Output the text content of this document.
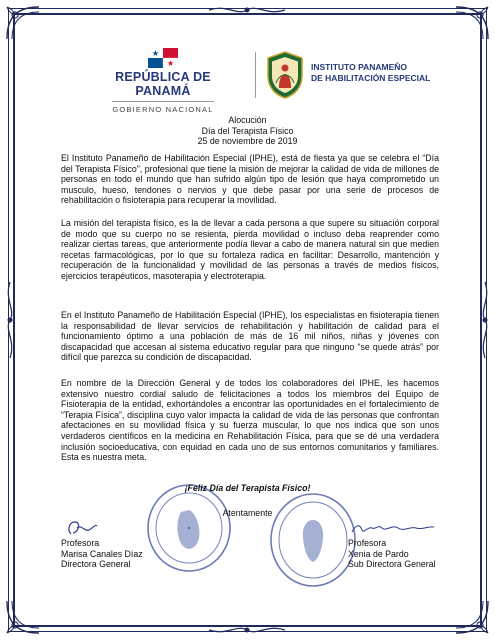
REPÚBLICA DE PANAMÁ
GOBIERNO NACIONAL
INSTITUTO PANAMEÑO
DE HABILITACIÓN ESPECIAL
Alocución
Día del Terapista Físico
25 de noviembre de 2019
El Instituto Panameño de Habilitación Especial (IPHE), está de fiesta ya que se celebra el “Día del Terapista Físico”, profesional que tiene la misión de mejorar la calidad de vida de millones de personas en todo el mundo que han sufrido algún tipo de lesión que haya comprometido un musculo, hueso, tendones o nervios y que debe pasar por una serie de procesos de rehabilitación o fisioterapia para recuperar la movilidad.
La misión del terapista físico, es la de llevar a cada persona a que supere su situación corporal de modo que su cuerpo no se resienta, pierda movilidad o incluso deba reaprender como realizar ciertas tareas, que anteriormente podía llevar a cabo de manera natural sin que medien recetas farmacológicas, por lo que su fortaleza radica en facilitar: Desarrollo, mantención y recuperación de la funcionalidad y movilidad de las personas a través de medios físicos, ejercicios terapéuticos, masoterapia y electroterapia.
En el Instituto Panameño de Habilitación Especial (IPHE), los especialistas en fisioterapia tienen la responsabilidad de llevar servicios de rehabilitación y habilitación de calidad para el funcionamiento óptimo a una población de más de 16 mil niños, niñas y jóvenes con discapacidad que accesan al sistema educativo regular para que ninguno “se quede atrás” por difícil que parezca su condición de discapacidad.
En nombre de la Dirección General y de todos los colaboradores del IPHE, les hacemos extensivo nuestro cordial saludo de felicitaciones a todos los miembros del Equipo de Fisioterapia de la entidad, exhortándoles a encontrar las oportunidades en el fortalecimiento de “Terapia Física”, disciplina cuyo valor impacta la calidad de vida de las personas que confrontan afectaciones en su movilidad física y su fuerza muscular, lo que nos indica que son unos verdaderos científicos en la medicina en Rehabilitación Física, para que se dé una verdadera inclusión socioeducativa, con equidad en cada uno de sus entornos comunitarios y familiares. Esta es nuestra meta.
¡Feliz Día del Terapista Físico!
Atentamente
Profesora
Marisa Canales Díaz
Directora General
Profesora
Xenia de Pardo
Sub Directora General
